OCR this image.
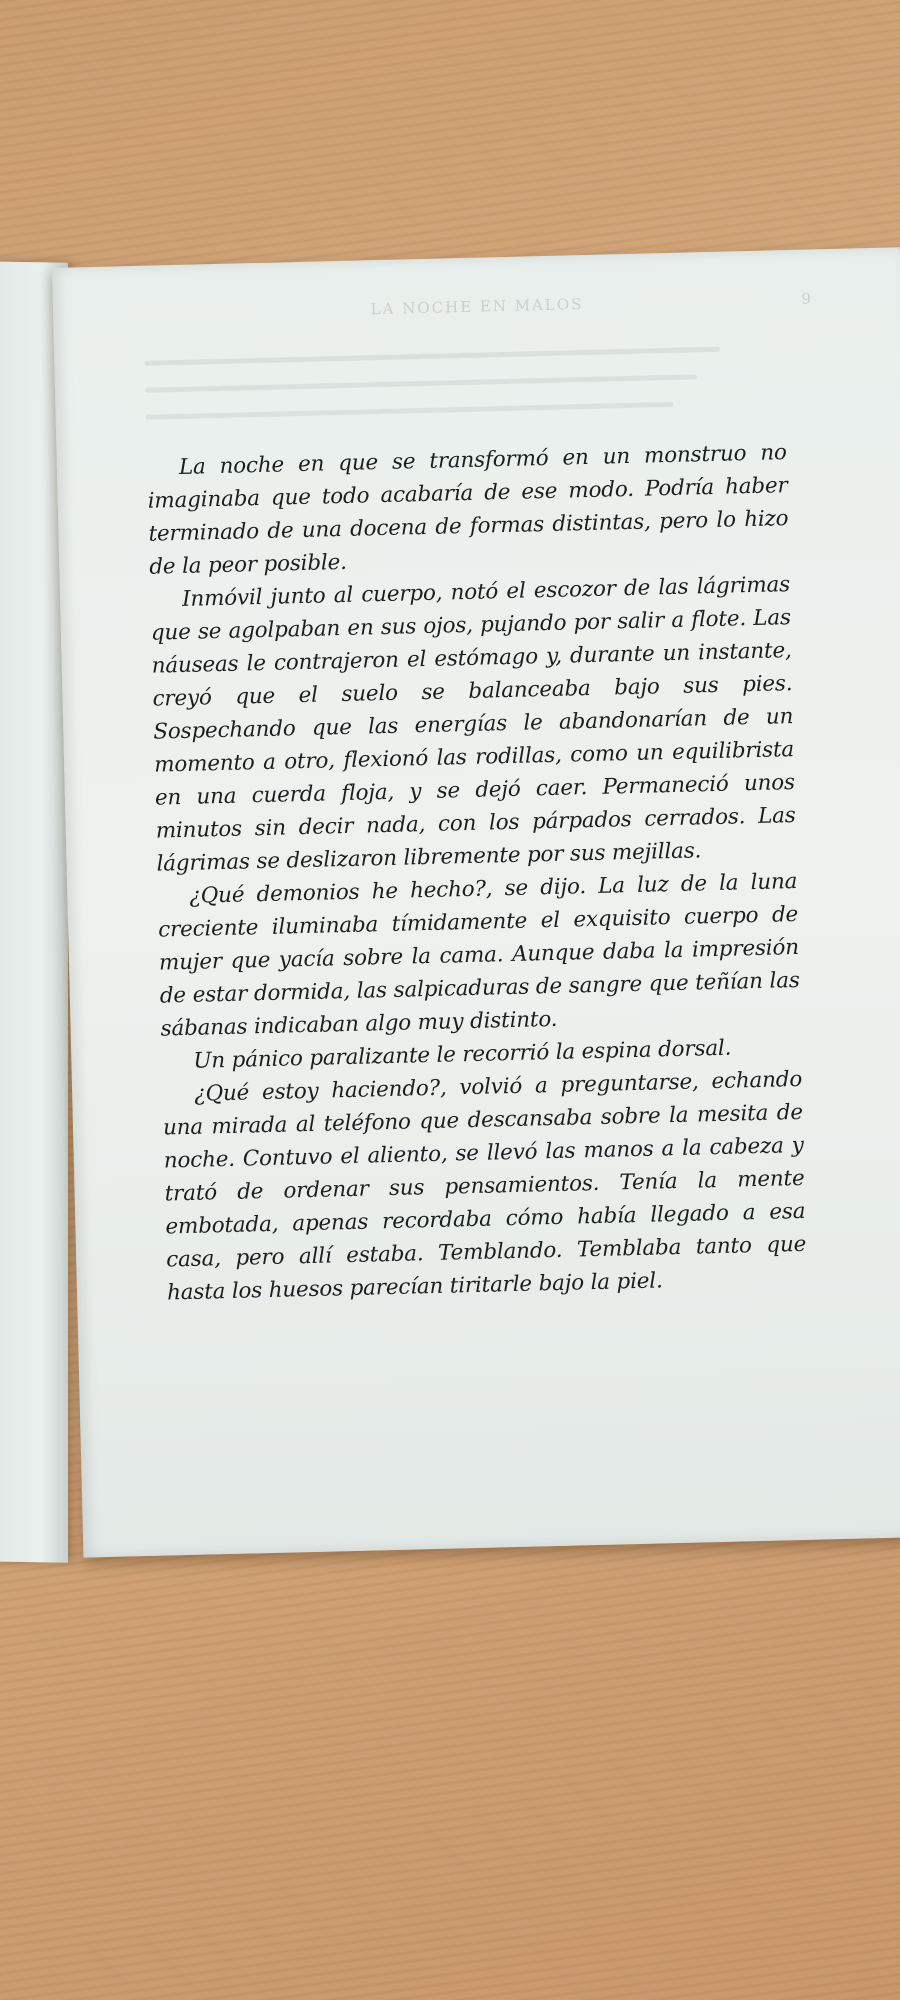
LA NOCHE EN MALOS	9

La noche en que se transformó en un monstruo no imaginaba que todo acabaría de ese modo. Podría haber terminado de una docena de formas distintas, pero lo hizo de la peor posible.

Inmóvil junto al cuerpo, notó el escozor de las lágrimas que se agolpaban en sus ojos, pujando por salir a flote. Las náuseas le contrajeron el estómago y, durante un instante, creyó que el suelo se balanceaba bajo sus pies. Sospechando que las energías le abandonarían de un momento a otro, flexionó las rodillas, como un equilibrista en una cuerda floja, y se dejó caer. Permaneció unos minutos sin decir nada, con los párpados cerrados. Las lágrimas se deslizaron libremente por sus mejillas.

¿Qué demonios he hecho?, se dijo. La luz de la luna creciente iluminaba tímidamente el exquisito cuerpo de mujer que yacía sobre la cama. Aunque daba la impresión de estar dormida, las salpicaduras de sangre que teñían las sábanas indicaban algo muy distinto.

Un pánico paralizante le recorrió la espina dorsal.

¿Qué estoy haciendo?, volvió a preguntarse, echando una mirada al teléfono que descansaba sobre la mesita de noche. Contuvo el aliento, se llevó las manos a la cabeza y trató de ordenar sus pensamientos. Tenía la mente embotada, apenas recordaba cómo había llegado a esa casa, pero allí estaba. Temblando. Temblaba tanto que hasta los huesos parecían tiritarle bajo la piel.
